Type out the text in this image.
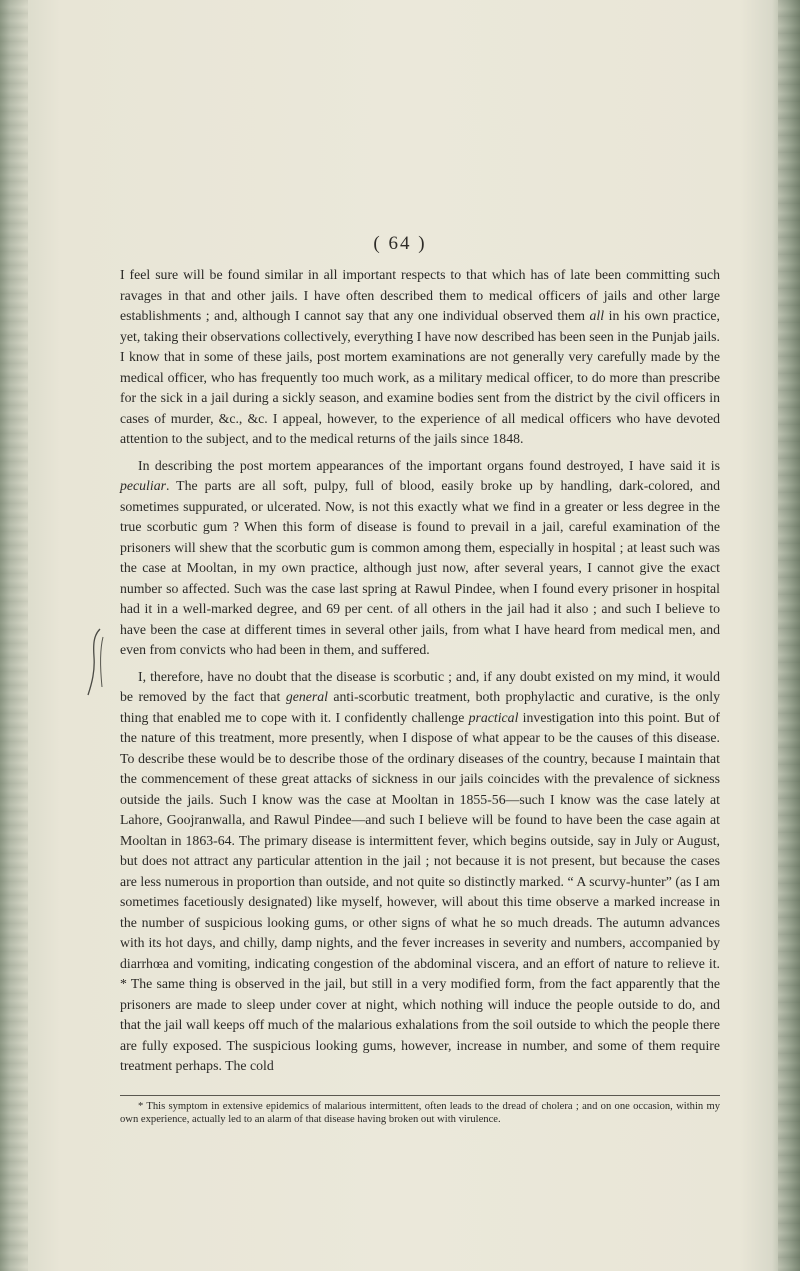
( 64 )

I feel sure will be found similar in all important respects to that which has of late been committing such ravages in that and other jails. I have often described them to medical officers of jails and other large establishments ; and, although I cannot say that any one individual observed them all in his own practice, yet, taking their observations collectively, everything I have now described has been seen in the Punjab jails. I know that in some of these jails, post mortem examinations are not generally very carefully made by the medical officer, who has frequently too much work, as a military medical officer, to do more than prescribe for the sick in a jail during a sickly season, and examine bodies sent from the district by the civil officers in cases of murder, &c., &c. I appeal, however, to the experience of all medical officers who have devoted attention to the subject, and to the medical returns of the jails since 1848.

In describing the post mortem appearances of the important organs found destroyed, I have said it is peculiar. The parts are all soft, pulpy, full of blood, easily broke up by handling, dark-colored, and sometimes suppurated, or ulcerated. Now, is not this exactly what we find in a greater or less degree in the true scorbutic gum ? When this form of disease is found to prevail in a jail, careful examination of the prisoners will shew that the scorbutic gum is common among them, especially in hospital ; at least such was the case at Mooltan, in my own practice, although just now, after several years, I cannot give the exact number so affected. Such was the case last spring at Rawul Pindee, when I found every prisoner in hospital had it in a well-marked degree, and 69 per cent. of all others in the jail had it also ; and such I believe to have been the case at different times in several other jails, from what I have heard from medical men, and even from convicts who had been in them, and suffered.

I, therefore, have no doubt that the disease is scorbutic ; and, if any doubt existed on my mind, it would be removed by the fact that general anti-scorbutic treatment, both prophylactic and curative, is the only thing that enabled me to cope with it. I confidently challenge practical investigation into this point. But of the nature of this treatment, more presently, when I dispose of what appear to be the causes of this disease. To describe these would be to describe those of the ordinary diseases of the country, because I maintain that the commencement of these great attacks of sickness in our jails coincides with the prevalence of sickness outside the jails. Such I know was the case at Mooltan in 1855-56—such I know was the case lately at Lahore, Goojranwalla, and Rawul Pindee—and such I believe will be found to have been the case again at Mooltan in 1863-64. The primary disease is intermittent fever, which begins outside, say in July or August, but does not attract any particular attention in the jail ; not because it is not present, but because the cases are less numerous in proportion than outside, and not quite so distinctly marked. “ A scurvy-hunter” (as I am sometimes facetiously designated) like myself, however, will about this time observe a marked increase in the number of suspicious looking gums, or other signs of what he so much dreads. The autumn advances with its hot days, and chilly, damp nights, and the fever increases in severity and numbers, accompanied by diarrhœa and vomiting, indicating congestion of the abdominal viscera, and an effort of nature to relieve it. * The same thing is observed in the jail, but still in a very modified form, from the fact apparently that the prisoners are made to sleep under cover at night, which nothing will induce the people outside to do, and that the jail wall keeps off much of the malarious exhalations from the soil outside to which the people there are fully exposed. The suspicious looking gums, however, increase in number, and some of them require treatment perhaps. The cold

* This symptom in extensive epidemics of malarious intermittent, often leads to the dread of cholera ; and on one occasion, within my own experience, actually led to an alarm of that disease having broken out with virulence.
